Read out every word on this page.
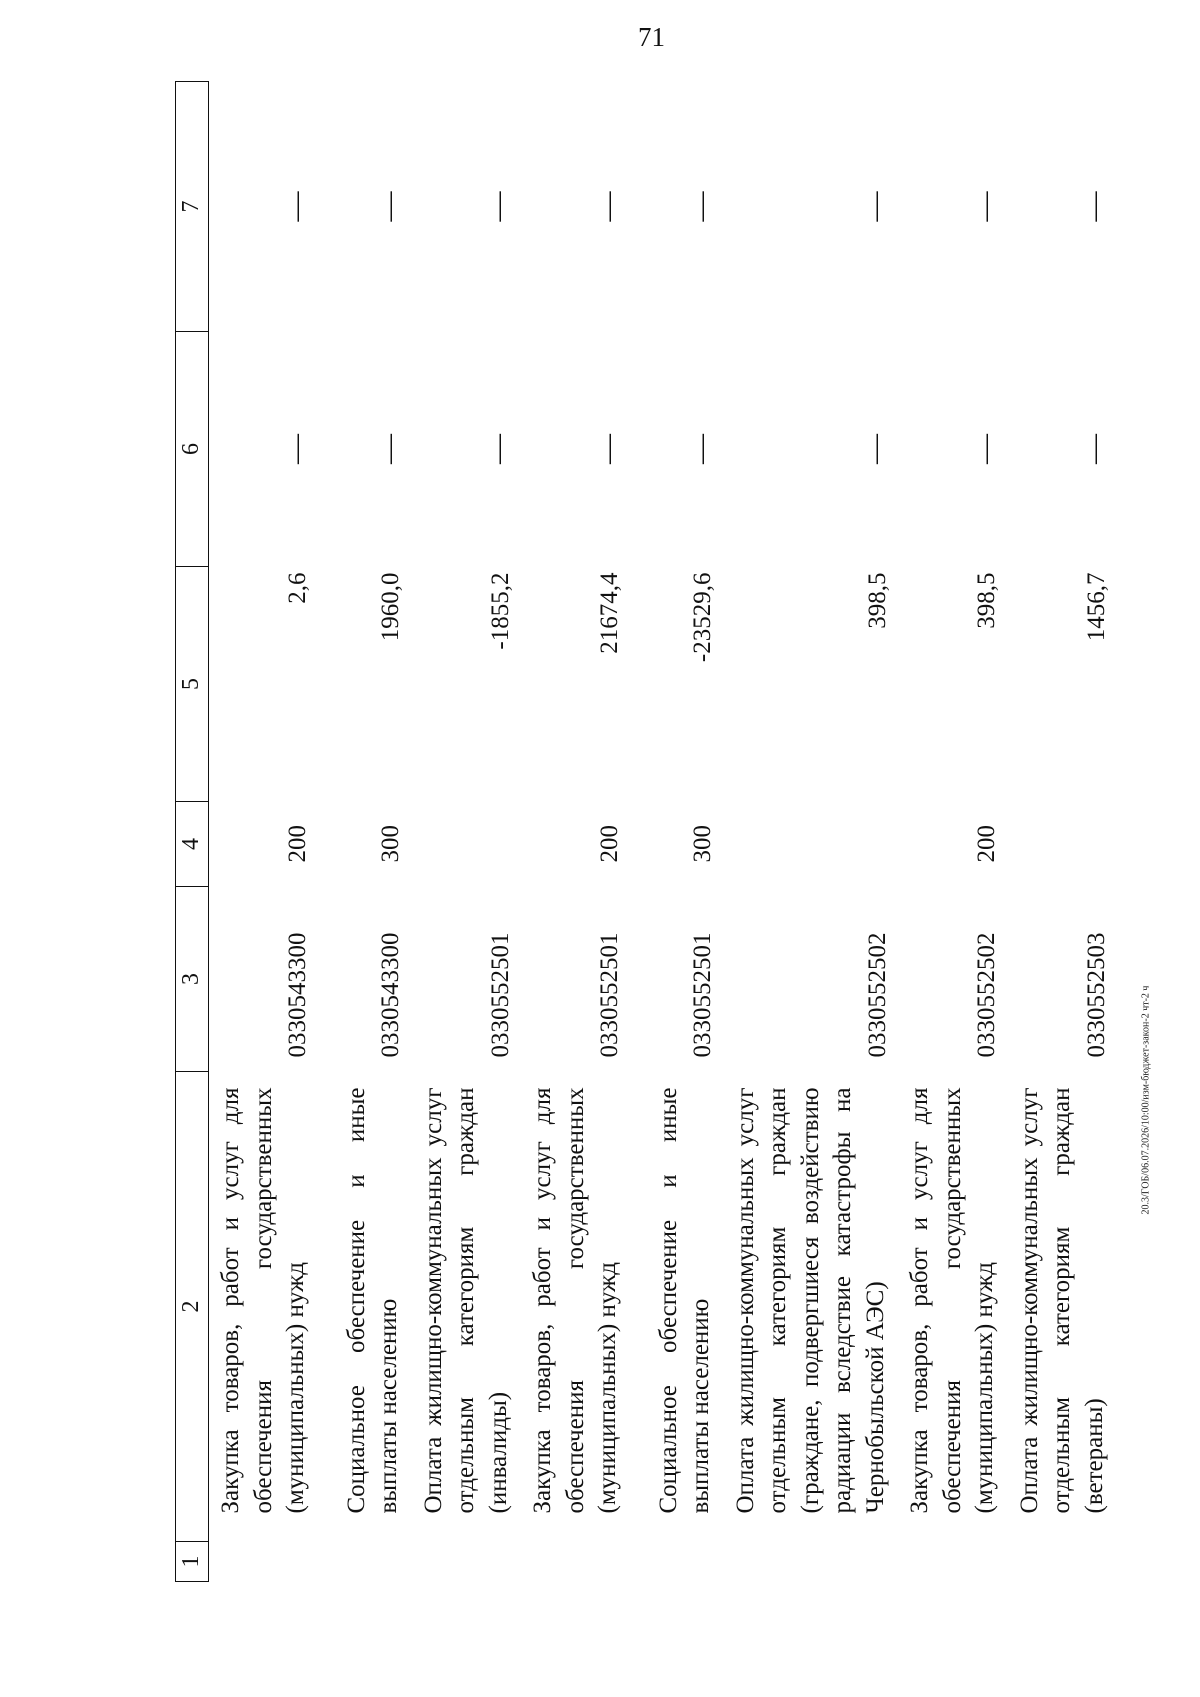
71
1	2	3	4	5	6	7
	Закупка товаров, работ и услуг для обеспечения государственных (муниципальных) нужд	0330543300	200	2,6	—	—
	Социальное обеспечение и иные выплаты населению	0330543300	300	1960,0	—	—
	Оплата жилищно-коммунальных услуг отдельным категориям граждан (инвалиды)	0330552501		-1855,2	—	—
	Закупка товаров, работ и услуг для обеспечения государственных (муниципальных) нужд	0330552501	200	21674,4	—	—
	Социальное обеспечение и иные выплаты населению	0330552501	300	-23529,6	—	—
	Оплата жилищно-коммунальных услуг отдельным категориям граждан (граждане, подвергшиеся воздействию радиации вследствие катастрофы на Чернобыльской АЭС)	0330552502		398,5	—	—
	Закупка товаров, работ и услуг для обеспечения государственных (муниципальных) нужд	0330552502	200	398,5	—	—
	Оплата жилищно-коммунальных услуг отдельным категориям граждан (ветераны)	0330552503		1456,7	—	—
20.3/ГОБ/06.07.2026/10:00/изм-бюджет-закон-2 чт-2 ч
